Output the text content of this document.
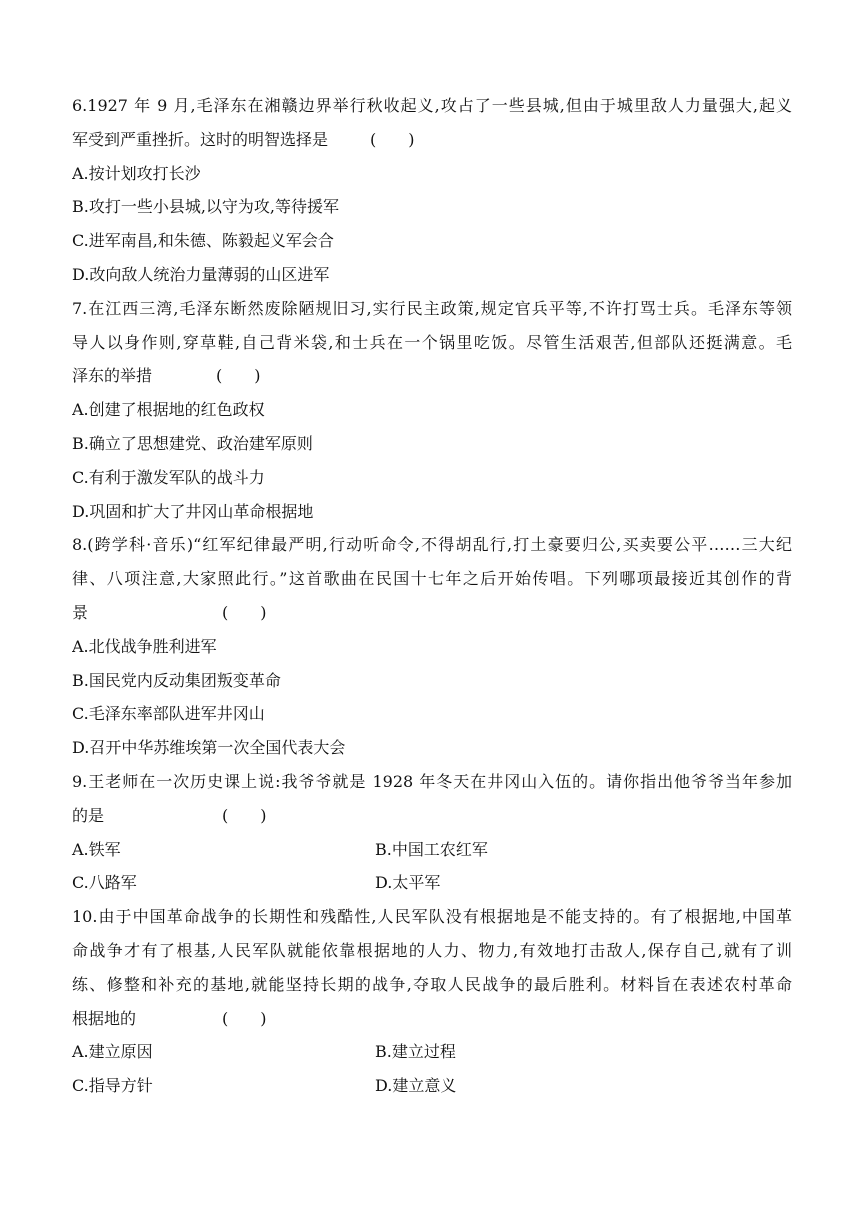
6.1927 年 9 月,毛泽东在湘赣边界举行秋收起义,攻占了一些县城,但由于城里敌人力量强大,起义
军受到严重挫折。这时的明智选择是	(　　)
A.按计划攻打长沙
B.攻打一些小县城,以守为攻,等待援军
C.进军南昌,和朱德、陈毅起义军会合
D.改向敌人统治力量薄弱的山区进军
7.在江西三湾,毛泽东断然废除陋规旧习,实行民主政策,规定官兵平等,不许打骂士兵。毛泽东等领
导人以身作则,穿草鞋,自己背米袋,和士兵在一个锅里吃饭。尽管生活艰苦,但部队还挺满意。毛
泽东的举措	(　　)
A.创建了根据地的红色政权
B.确立了思想建党、政治建军原则
C.有利于激发军队的战斗力
D.巩固和扩大了井冈山革命根据地
8.(跨学科·音乐)“红军纪律最严明,行动听命令,不得胡乱行,打土豪要归公,买卖要公平……三大纪
律、八项注意,大家照此行。”这首歌曲在民国十七年之后开始传唱。下列哪项最接近其创作的背
景	(　　)
A.北伐战争胜利进军
B.国民党内反动集团叛变革命
C.毛泽东率部队进军井冈山
D.召开中华苏维埃第一次全国代表大会
9.王老师在一次历史课上说:我爷爷就是 1928 年冬天在井冈山入伍的。请你指出他爷爷当年参加
的是	(　　)
A.铁军	B.中国工农红军
C.八路军	D.太平军
10.由于中国革命战争的长期性和残酷性,人民军队没有根据地是不能支持的。有了根据地,中国革
命战争才有了根基,人民军队就能依靠根据地的人力、物力,有效地打击敌人,保存自己,就有了训
练、修整和补充的基地,就能坚持长期的战争,夺取人民战争的最后胜利。材料旨在表述农村革命
根据地的	(　　)
A.建立原因	B.建立过程
C.指导方针	D.建立意义
